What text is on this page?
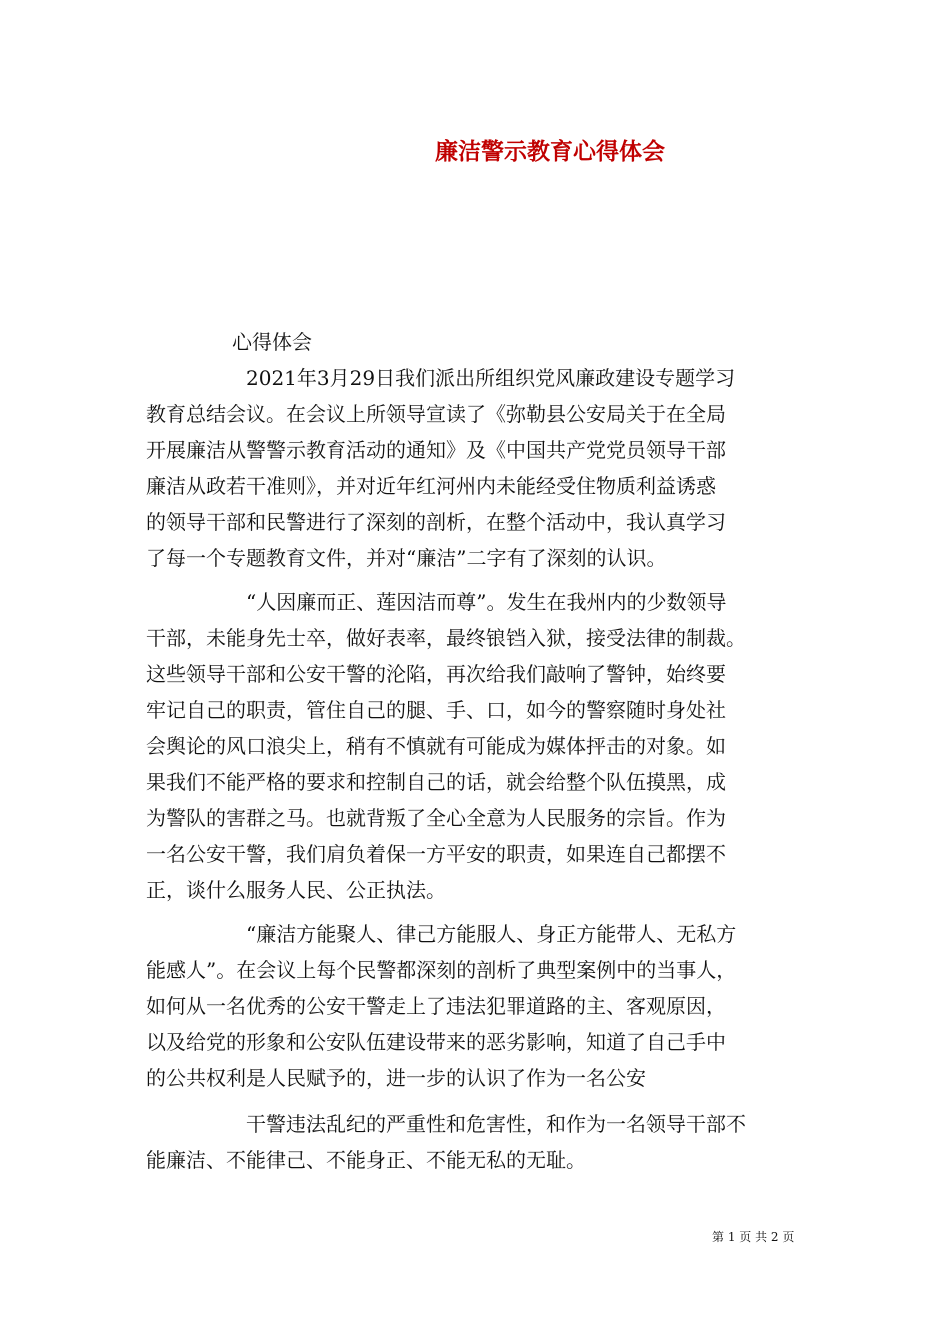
廉洁警示教育心得体会
心得体会
2021年3月29日我们派出所组织党风廉政建设专题学习
教育总结会议。在会议上所领导宣读了《弥勒县公安局关于在全局
开展廉洁从警警示教育活动的通知》及《中国共产党党员领导干部
廉洁从政若干准则》，并对近年红河州内未能经受住物质利益诱惑
的领导干部和民警进行了深刻的剖析，在整个活动中，我认真学习
了每一个专题教育文件，并对“廉洁”二字有了深刻的认识。
“人因廉而正、莲因洁而尊”。发生在我州内的少数领导
干部，未能身先士卒，做好表率，最终锒铛入狱，接受法律的制裁。
这些领导干部和公安干警的沦陷，再次给我们敲响了警钟，始终要
牢记自己的职责，管住自己的腿、手、口，如今的警察随时身处社
会舆论的风口浪尖上，稍有不慎就有可能成为媒体抨击的对象。如
果我们不能严格的要求和控制自己的话，就会给整个队伍摸黑，成
为警队的害群之马。也就背叛了全心全意为人民服务的宗旨。作为
一名公安干警，我们肩负着保一方平安的职责，如果连自己都摆不
正，谈什么服务人民、公正执法。
“廉洁方能聚人、律己方能服人、身正方能带人、无私方
能感人”。在会议上每个民警都深刻的剖析了典型案例中的当事人，
如何从一名优秀的公安干警走上了违法犯罪道路的主、客观原因，
以及给党的形象和公安队伍建设带来的恶劣影响，知道了自己手中
的公共权利是人民赋予的，进一步的认识了作为一名公安
干警违法乱纪的严重性和危害性，和作为一名领导干部不
能廉洁、不能律己、不能身正、不能无私的无耻。
第 1 页 共 2 页
